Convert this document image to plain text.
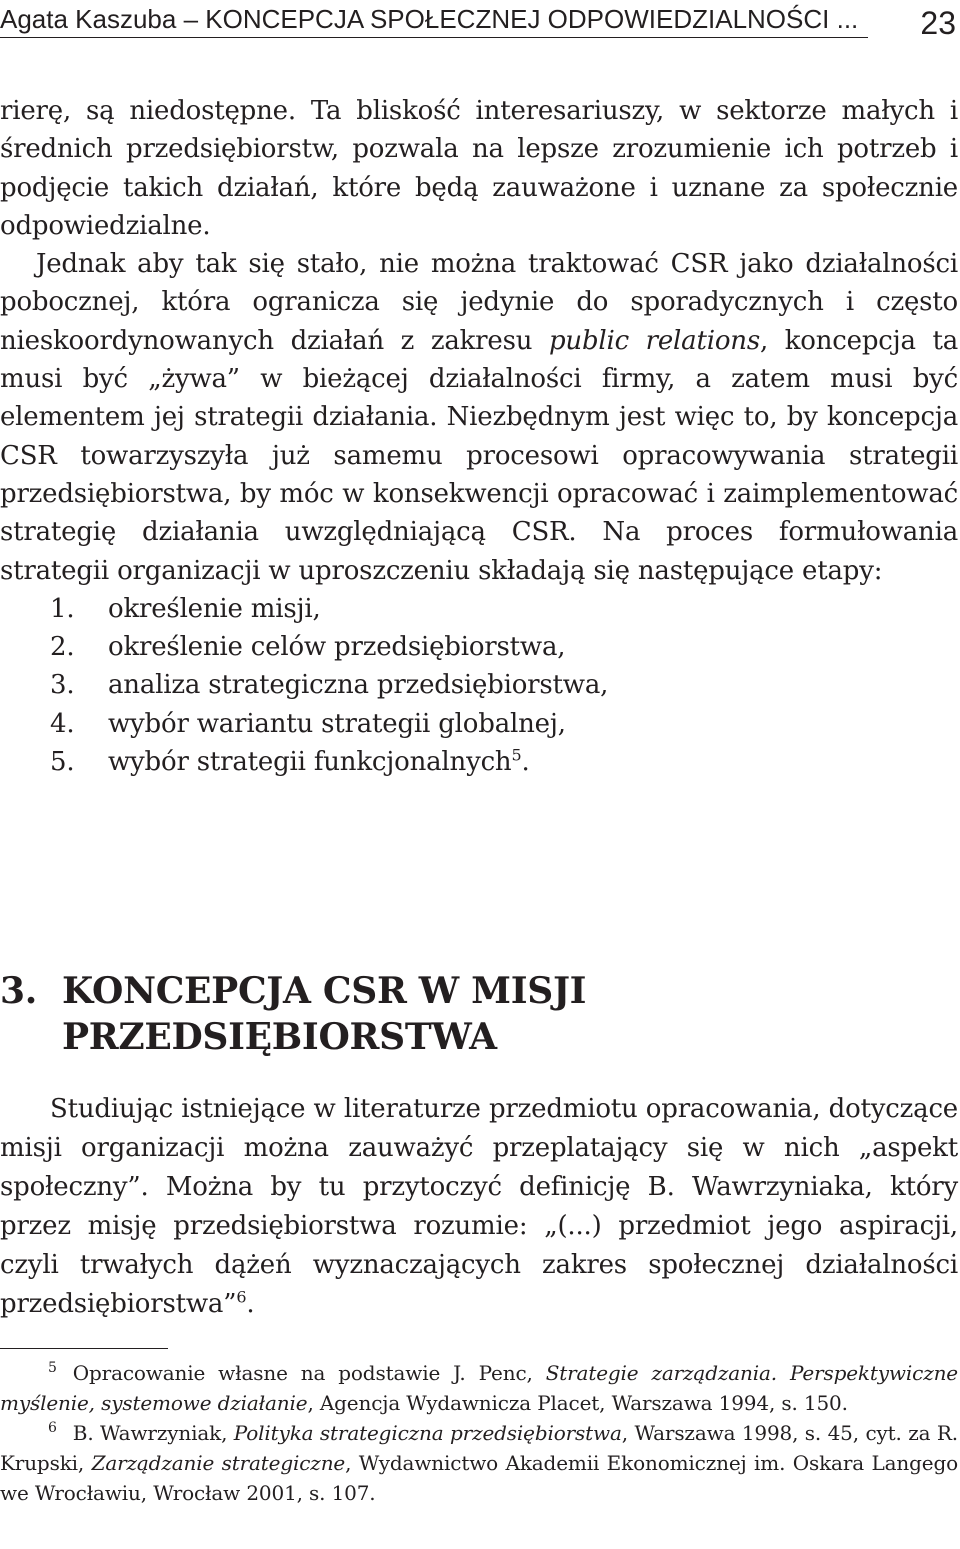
Agata Kaszuba – KONCEPCJA SPOŁECZNEJ ODPOWIEDZIALNOŚCI ... 23

rierę, są niedostępne. Ta bliskość interesariuszy, w sektorze małych i średnich przedsiębiorstw, pozwala na lepsze zrozumienie ich potrzeb i podjęcie takich działań, które będą zauważone i uznane za społecznie odpowiedzialne.

Jednak aby tak się stało, nie można traktować CSR jako działalności pobocznej, która ogranicza się jedynie do sporadycznych i często nieskoordynowanych działań z zakresu public relations, koncepcja ta musi być „żywa” w bieżącej działalności firmy, a zatem musi być elementem jej strategii działania. Niezbędnym jest więc to, by koncepcja CSR towarzyszyła już samemu procesowi opracowywania strategii przedsiębiorstwa, by móc w konsekwencji opracować i zaimplementować strategię działania uwzględniającą CSR. Na proces formułowania strategii organizacji w uproszczeniu składają się następujące etapy:

1.	określenie misji,
2.	określenie celów przedsiębiorstwa,
3.	analiza strategiczna przedsiębiorstwa,
4.	wybór wariantu strategii globalnej,
5.	wybór strategii funkcjonalnych$^5$.
3. KONCEPCJA CSR W MISJI PRZEDSIĘBIORSTWA

Studiując istniejące w literaturze przedmiotu opracowania, dotyczące misji organizacji można zauważyć przeplatający się w nich „aspekt społeczny”. Można by tu przytoczyć definicję B. Wawrzyniaka, który przez misję przedsiębiorstwa rozumie: „(...) przedmiot jego aspiracji, czyli trwałych dążeń wyznaczających zakres społecznej działalności przedsiębiorstwa”$^6$.

$^5$ Opracowanie własne na podstawie J. Penc, Strategie zarządzania. Perspektywiczne myślenie, systemowe działanie, Agencja Wydawnicza Placet, Warszawa 1994, s. 150.

$^6$ B. Wawrzyniak, Polityka strategiczna przedsiębiorstwa, Warszawa 1998, s. 45, cyt. za R. Krupski, Zarządzanie strategiczne, Wydawnictwo Akademii Ekonomicznej im. Oskara Langego we Wrocławiu, Wrocław 2001, s. 107.
